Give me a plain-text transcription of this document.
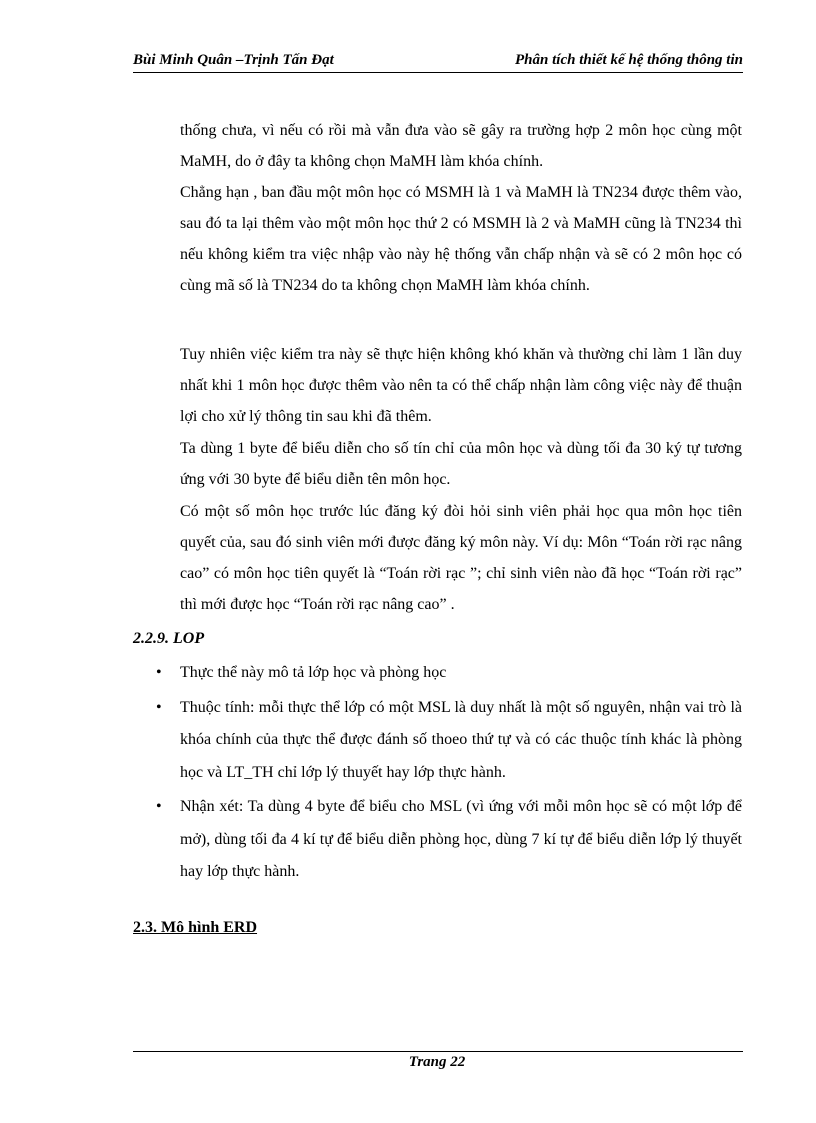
Bùi Minh Quân –Trịnh Tấn Đạt	Phân tích thiết kế hệ thống thông tin
thống chưa, vì nếu có rồi mà vẫn đưa vào sẽ gây ra trường hợp 2 môn học cùng một MaMH, do ở đây ta không chọn MaMH làm khóa chính.
Chẳng hạn , ban đầu một môn học có MSMH là 1 và MaMH là TN234 được thêm vào, sau đó ta lại thêm vào một môn học thứ 2 có MSMH là 2 và MaMH cũng là TN234 thì nếu không kiểm tra việc nhập vào này hệ thống vẫn chấp nhận và sẽ có 2 môn học có cùng mã số là TN234 do ta không chọn MaMH làm khóa chính.
Tuy nhiên việc kiểm tra này sẽ thực hiện không khó khăn và thường chỉ làm 1 lần duy nhất khi 1 môn học được thêm vào nên ta có thể chấp nhận làm công việc này để thuận lợi cho xử lý thông tin sau khi đã thêm.
Ta dùng 1 byte để biểu diễn cho số tín chỉ của môn học và dùng tối đa 30 ký tự tương ứng với 30 byte để biểu diễn tên môn học.
Có một số môn học trước lúc đăng ký đòi hỏi sinh viên phải học qua môn học tiên quyết của, sau đó sinh viên mới được đăng ký môn này. Ví dụ: Môn “Toán rời rạc nâng cao” có môn học tiên quyết là “Toán rời rạc ”; chỉ sinh viên nào đã học “Toán rời rạc” thì mới được học “Toán rời rạc nâng cao” .
2.2.9. LOP
• Thực thể này mô tả lớp học và phòng học
• Thuộc tính: mỗi thực thể lớp có một MSL là duy nhất là một số nguyên, nhận vai trò là khóa chính của thực thể được đánh số thoeo thứ tự và có các thuộc tính khác là phòng học và LT_TH chỉ lớp lý thuyết hay lớp thực hành.
• Nhận xét: Ta dùng 4 byte để biểu cho MSL (vì ứng với mỗi môn học sẽ có một lớp để mở), dùng tối đa 4 kí tự để biểu diễn phòng học, dùng 7 kí tự để biểu diễn lớp lý thuyết hay lớp thực hành.
2.3. Mô hình ERD
Trang 22
